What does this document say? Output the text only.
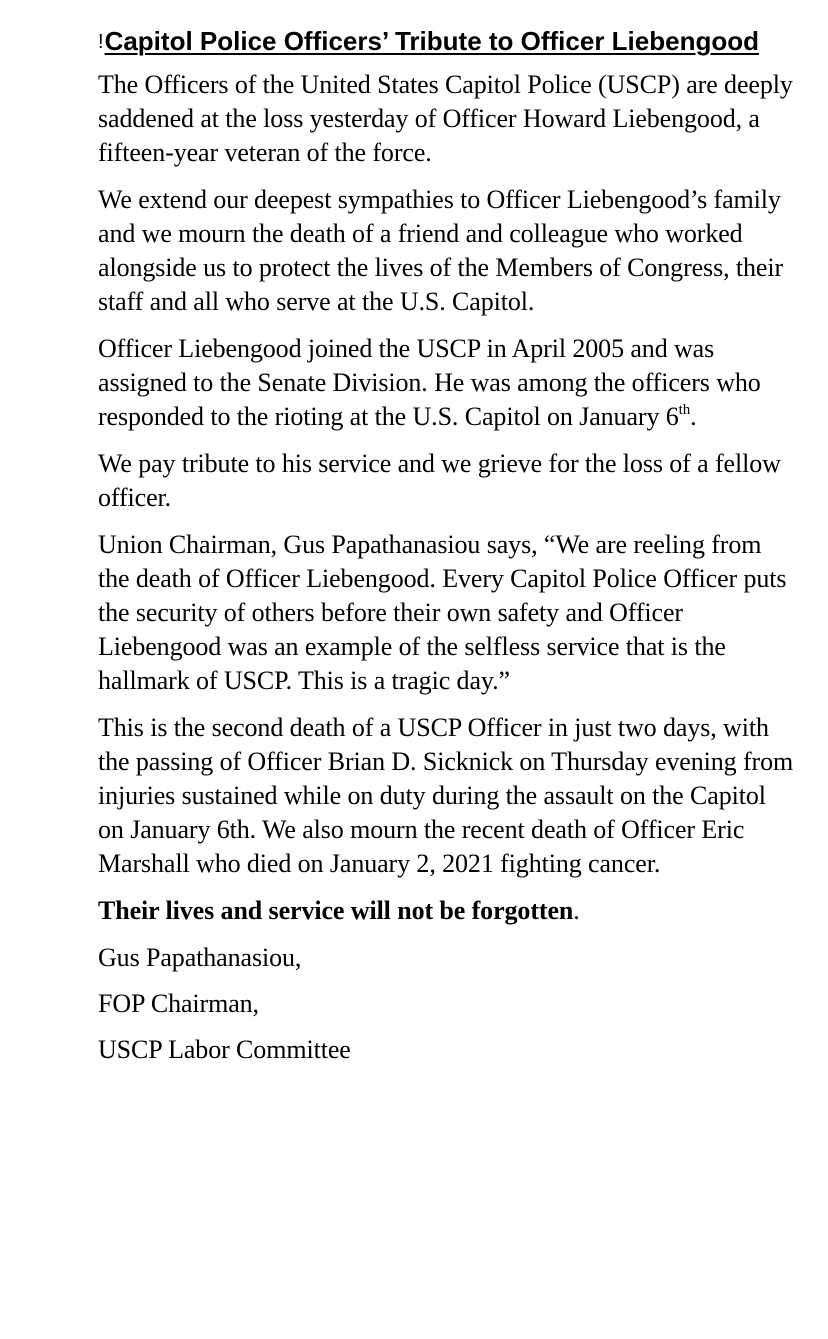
!Capitol Police Officers’ Tribute to Officer Liebengood

The Officers of the United States Capitol Police (USCP) are deeply saddened at the loss yesterday of Officer Howard Liebengood, a fifteen-year veteran of the force.

We extend our deepest sympathies to Officer Liebengood’s family and we mourn the death of a friend and colleague who worked alongside us to protect the lives of the Members of Congress, their staff and all who serve at the U.S. Capitol.

Officer Liebengood joined the USCP in April 2005 and was assigned to the Senate Division. He was among the officers who responded to the rioting at the U.S. Capitol on January 6th.

We pay tribute to his service and we grieve for the loss of a fellow officer.

Union Chairman, Gus Papathanasiou says, “We are reeling from the death of Officer Liebengood. Every Capitol Police Officer puts the security of others before their own safety and Officer Liebengood was an example of the selfless service that is the hallmark of USCP. This is a tragic day.”

This is the second death of a USCP Officer in just two days, with the passing of Officer Brian D. Sicknick on Thursday evening from injuries sustained while on duty during the assault on the Capitol on January 6th. We also mourn the recent death of Officer Eric Marshall who died on January 2, 2021 fighting cancer.

Their lives and service will not be forgotten.

Gus Papathanasiou,

FOP Chairman,

USCP Labor Committee
